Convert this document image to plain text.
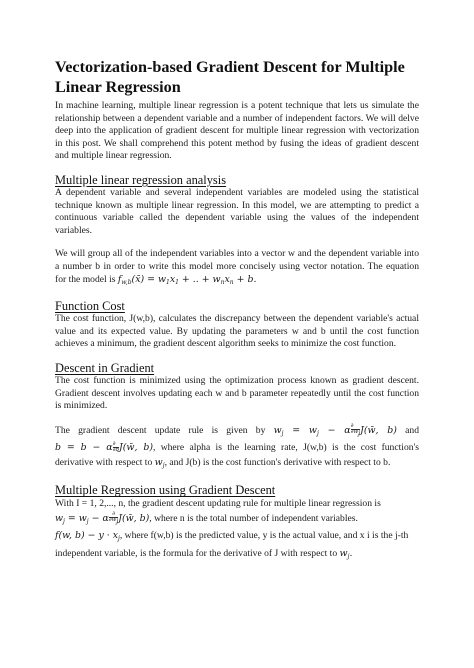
Vectorization-based Gradient Descent for Multiple Linear Regression

In machine learning, multiple linear regression is a potent technique that lets us simulate the relationship between a dependent variable and a number of independent factors. We will delve deep into the application of gradient descent for multiple linear regression with vectorization in this post. We shall comprehend this potent method by fusing the ideas of gradient descent and multiple linear regression.

Multiple linear regression analysis

A dependent variable and several independent variables are modeled using the statistical technique known as multiple linear regression. In this model, we are attempting to predict a continuous variable called the dependent variable using the values of the independent variables.

We will group all of the independent variables into a vector w and the dependent variable into a number b in order to write this model more concisely using vector notation. The equation

for the model is $f_{w,b}(x̄) = w_1x_1$ + .. + $w_nx_n + b$.

Function Cost

The cost function, J(w,b), calculates the discrepancy between the dependent variable's actual value and its expected value. By updating the parameters w and b until the cost function achieves a minimum, the gradient descent algorithm seeks to minimize the cost function.

Descent in Gradient

The cost function is minimized using the optimization process known as gradient descent. Gradient descent involves updating each w and b parameter repeatedly until the cost function is minimized.

The gradient descent update rule is given by $w_j = w_j - \alpha \frac{\partial}{\partial w_j}$ J(w̄, b) and

b = b − α $\frac{\partial}{\partial b}$ J(w̄, b), where alpha is the learning rate, J(w,b) is the cost function's

derivative with respect to $w_j$, and J(b) is the cost function's derivative with respect to b.

Multiple Regression using Gradient Descent

With I = 1, 2,..., n, the gradient descent updating rule for multiple linear regression is

$w_j = w_j - \alpha \frac{\partial}{\partial w_j}$ J(w̄, b), where n is the total number of independent variables.

f(w, $b) - y \cdot x_j$, where f(w,b) is the predicted value, y is the actual value, and x i is the j-th

independent variable, is the formula for the derivative of J with respect to $w_j$.
